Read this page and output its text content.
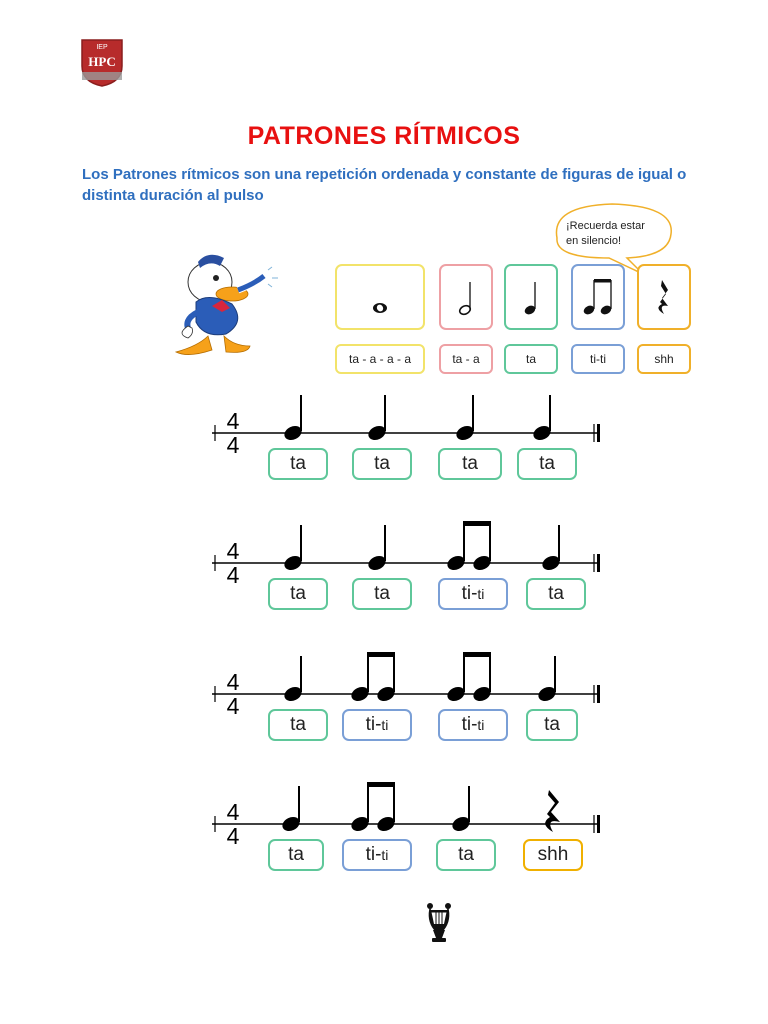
IEP
HPC
PATRONES RÍTMICOS
Los Patrones rítmicos son una repetición ordenada y constante de figuras de igual o distinta duración al pulso
¡Recuerda estar
en silencio!
ta - a - a - a	ta - a	ta	ti-ti	shh
4
4
4
4
4
4
4
4
ta	ta	ta	ta
ta	ta	ti-ti	ta
ta	ti-ti	ti-ti	ta
ta	ti-ti	ta	shh
